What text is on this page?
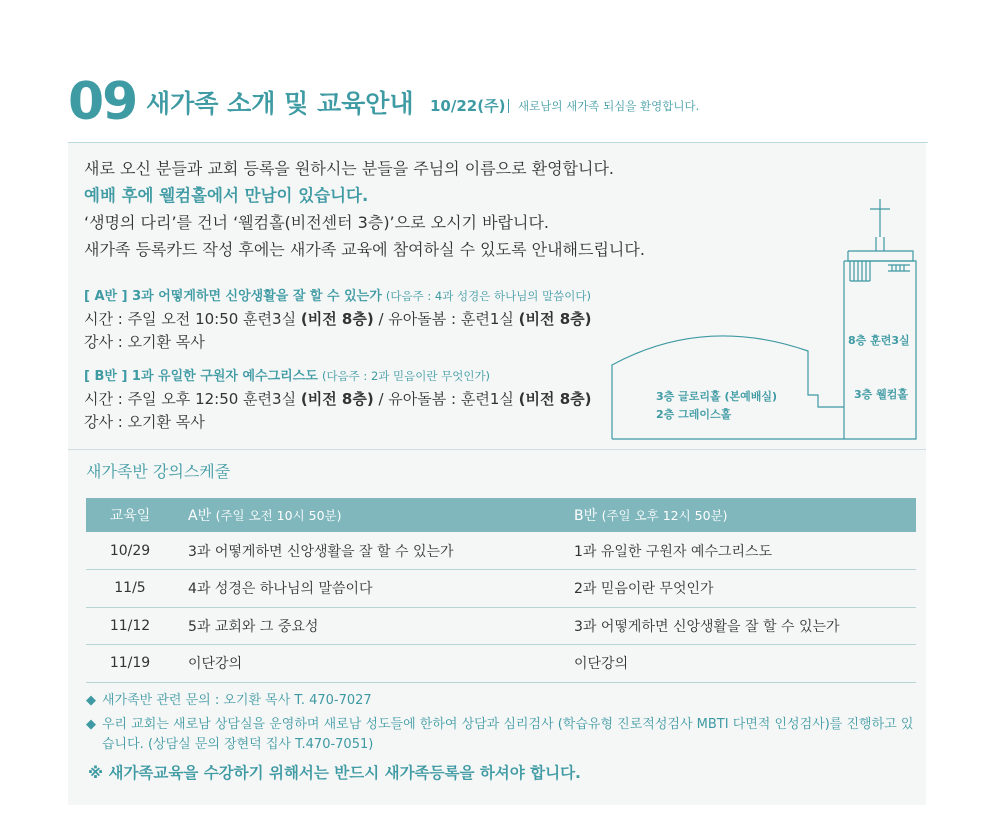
09 새가족 소개 및 교육안내 10/22(주) 새로남의 새가족 되심을 환영합니다.
새로 오신 분들과 교회 등록을 원하시는 분들을 주님의 이름으로 환영합니다.
예배 후에 웰컴홀에서 만남이 있습니다.
‘생명의 다리’를 건너 ‘웰컴홀(비전센터 3층)’으로 오시기 바랍니다.
새가족 등록카드 작성 후에는 새가족 교육에 참여하실 수 있도록 안내해드립니다.
[ A반 ] 3과 어떻게하면 신앙생활을 잘 할 수 있는가 (다음주 : 4과 성경은 하나님의 말씀이다)
시간 : 주일 오전 10:50 훈련3실 (비전 8층) / 유아돌봄 : 훈련1실 (비전 8층)
강사 : 오기환 목사
[ B반 ] 1과 유일한 구원자 예수그리스도 (다음주 : 2과 믿음이란 무엇인가)
시간 : 주일 오후 12:50 훈련3실 (비전 8층) / 유아돌봄 : 훈련1실 (비전 8층)
강사 : 오기환 목사
8층 훈련3실
3층 웰컴홀
3층 글로리홀 (본예배실)
2층 그레이스홀
새가족반 강의스케줄
교육일	A반 (주일 오전 10시 50분)	B반 (주일 오후 12시 50분)
10/29	3과 어떻게하면 신앙생활을 잘 할 수 있는가	1과 유일한 구원자 예수그리스도
11/5	4과 성경은 하나님의 말씀이다	2과 믿음이란 무엇인가
11/12	5과 교회와 그 중요성	3과 어떻게하면 신앙생활을 잘 할 수 있는가
11/19	이단강의	이단강의
◆ 새가족반 관련 문의 : 오기환 목사 T. 470-7027
◆ 우리 교회는 새로남 상담실을 운영하며 새로남 성도들에 한하여 상담과 심리검사 (학습유형 진로적성검사 MBTI 다면적 인성검사)를 진행하고 있습니다. (상담실 문의 장현덕 집사 T.470-7051)
※ 새가족교육을 수강하기 위해서는 반드시 새가족등록을 하셔야 합니다.
